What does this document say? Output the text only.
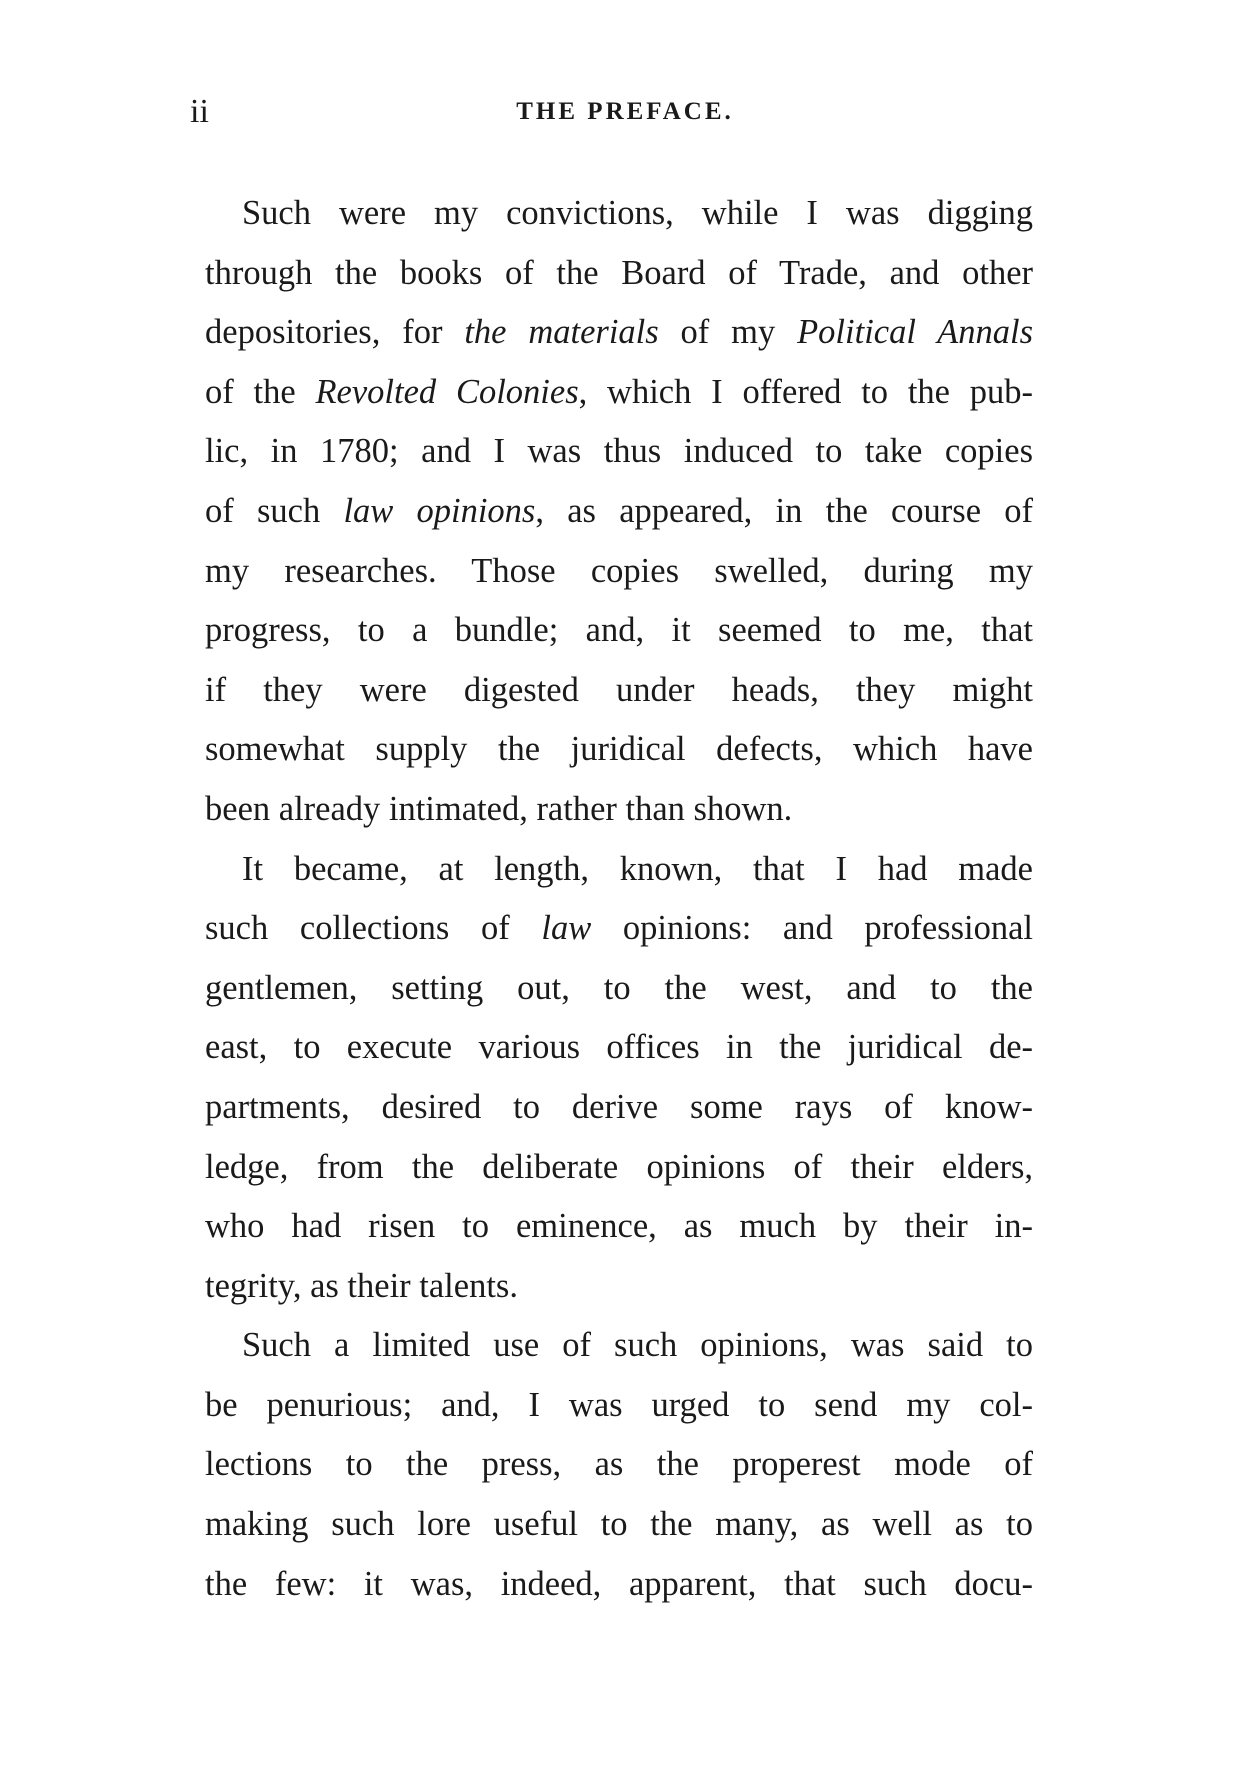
ii	THE PREFACE.
Such were my convictions, while I was digging
through the books of the Board of Trade, and other
depositories, for the materials of my Political Annals
of the Revolted Colonies, which I offered to the pub-
lic, in 1780; and I was thus induced to take copies
of such law opinions, as appeared, in the course of
my researches. Those copies swelled, during my
progress, to a bundle; and, it seemed to me, that
if they were digested under heads, they might
somewhat supply the juridical defects, which have
been already intimated, rather than shown.
It became, at length, known, that I had made
such collections of law opinions: and professional
gentlemen, setting out, to the west, and to the
east, to execute various offices in the juridical de-
partments, desired to derive some rays of know-
ledge, from the deliberate opinions of their elders,
who had risen to eminence, as much by their in-
tegrity, as their talents.
Such a limited use of such opinions, was said to
be penurious; and, I was urged to send my col-
lections to the press, as the properest mode of
making such lore useful to the many, as well as to
the few: it was, indeed, apparent, that such docu-
